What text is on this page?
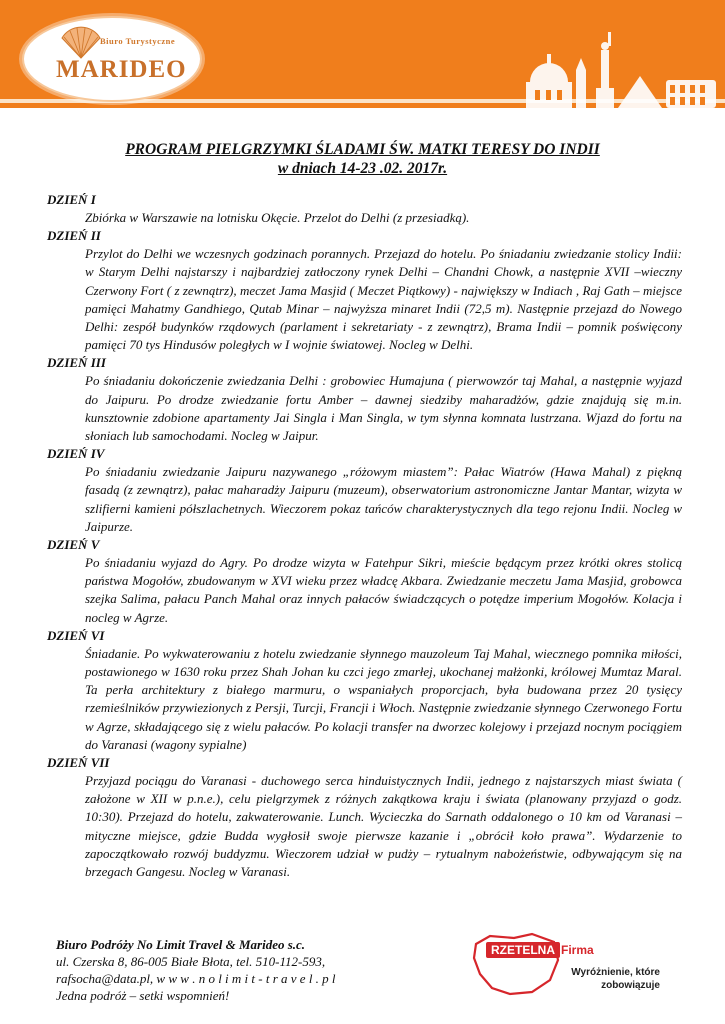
Biuro Turystyczne
MARIDEO
PROGRAM PIELGRZYMKI ŚLADAMI ŚW. MATKI TERESY DO INDII
w dniach 14-23 .02. 2017r.

DZIEŃ I

Zbiórka w Warszawie na lotnisku Okęcie. Przelot do Delhi (z przesiadką).

DZIEŃ II

Przylot do Delhi we wczesnych godzinach porannych. Przejazd do hotelu. Po śniadaniu zwiedzanie stolicy Indii: w Starym Delhi najstarszy i najbardziej zatłoczony rynek Delhi – Chandni Chowk, a następnie XVII –wieczny Czerwony Fort ( z zewnątrz), meczet Jama Masjid ( Meczet Piątkowy) - największy w Indiach , Raj Gath – miejsce pamięci Mahatmy Gandhiego, Qutab Minar – najwyższa minaret Indii (72,5 m). Następnie przejazd do Nowego Delhi: zespół budynków rządowych (parlament i sekretariaty - z zewnątrz), Brama Indii – pomnik poświęcony pamięci 70 tys Hindusów poległych w I wojnie światowej. Nocleg w Delhi.

DZIEŃ III

Po śniadaniu dokończenie zwiedzania Delhi : grobowiec Humajuna ( pierwowzór taj Mahal, a następnie wyjazd do Jaipuru. Po drodze zwiedzanie fortu Amber – dawnej siedziby maharadżów, gdzie znajdują się m.in. kunsztownie zdobione apartamenty Jai Singla i Man Singla, w tym słynna komnata lustrzana. Wjazd do fortu na słoniach lub samochodami. Nocleg w Jaipur.

DZIEŃ IV

Po śniadaniu zwiedzanie Jaipuru nazywanego „różowym miastem”: Pałac Wiatrów (Hawa Mahal) z piękną fasadą (z zewnątrz), pałac maharadży Jaipuru (muzeum), obserwatorium astronomiczne Jantar Mantar, wizyta w szlifierni kamieni półszlachetnych. Wieczorem pokaz tańców charakterystycznych dla tego rejonu Indii. Nocleg w Jaipurze.

DZIEŃ V

Po śniadaniu wyjazd do Agry. Po drodze wizyta w Fatehpur Sikri, mieście będącym przez krótki okres stolicą państwa Mogołów, zbudowanym w XVI wieku przez władcę Akbara. Zwiedzanie meczetu Jama Masjid, grobowca szejka Salima, pałacu Panch Mahal oraz innych pałaców świadczących o potędze imperium Mogołów. Kolacja i nocleg w Agrze.

DZIEŃ VI

Śniadanie. Po wykwaterowaniu z hotelu zwiedzanie słynnego mauzoleum Taj Mahal, wiecznego pomnika miłości, postawionego w 1630 roku przez Shah Johan ku czci jego zmarłej, ukochanej małżonki, królowej Mumtaz Maral. Ta perła architektury z białego marmuru, o wspaniałych proporcjach, była budowana przez 20 tysięcy rzemieślników przywiezionych z Persji, Turcji, Francji i Włoch. Następnie zwiedzanie słynnego Czerwonego Fortu w Agrze, składającego się z wielu pałaców. Po kolacji transfer na dworzec kolejowy i przejazd nocnym pociągiem do Varanasi (wagony sypialne)

DZIEŃ VII

Przyjazd pociągu do Varanasi - duchowego serca hinduistycznych Indii, jednego z najstarszych miast świata ( założone w XII w p.n.e.), celu pielgrzymek z różnych zakątkowa kraju i świata (planowany przyjazd o godz. 10:30). Przejazd do hotelu, zakwaterowanie. Lunch. Wycieczka do Sarnath oddalonego o 10 km od Varanasi – mityczne miejsce, gdzie Budda wygłosił swoje pierwsze kazanie i „obrócił koło prawa”. Wydarzenie to zapoczątkowało rozwój buddyzmu. Wieczorem udział w pudży – rytualnym nabożeństwie, odbywającym się na brzegach Gangesu. Nocleg w Varanasi.

Biuro Podróży No Limit Travel & Marideo s.c.
ul. Czerska 8, 86-005 Białe Błota, tel. 510-112-593,
rafsocha@data.pl, w w w . n o l i m i t - t r a v e l . p l
Jedna podróż – setki wspomnień!
RZETELNA Firma
Wyróżnienie, które
zobowiązuje
